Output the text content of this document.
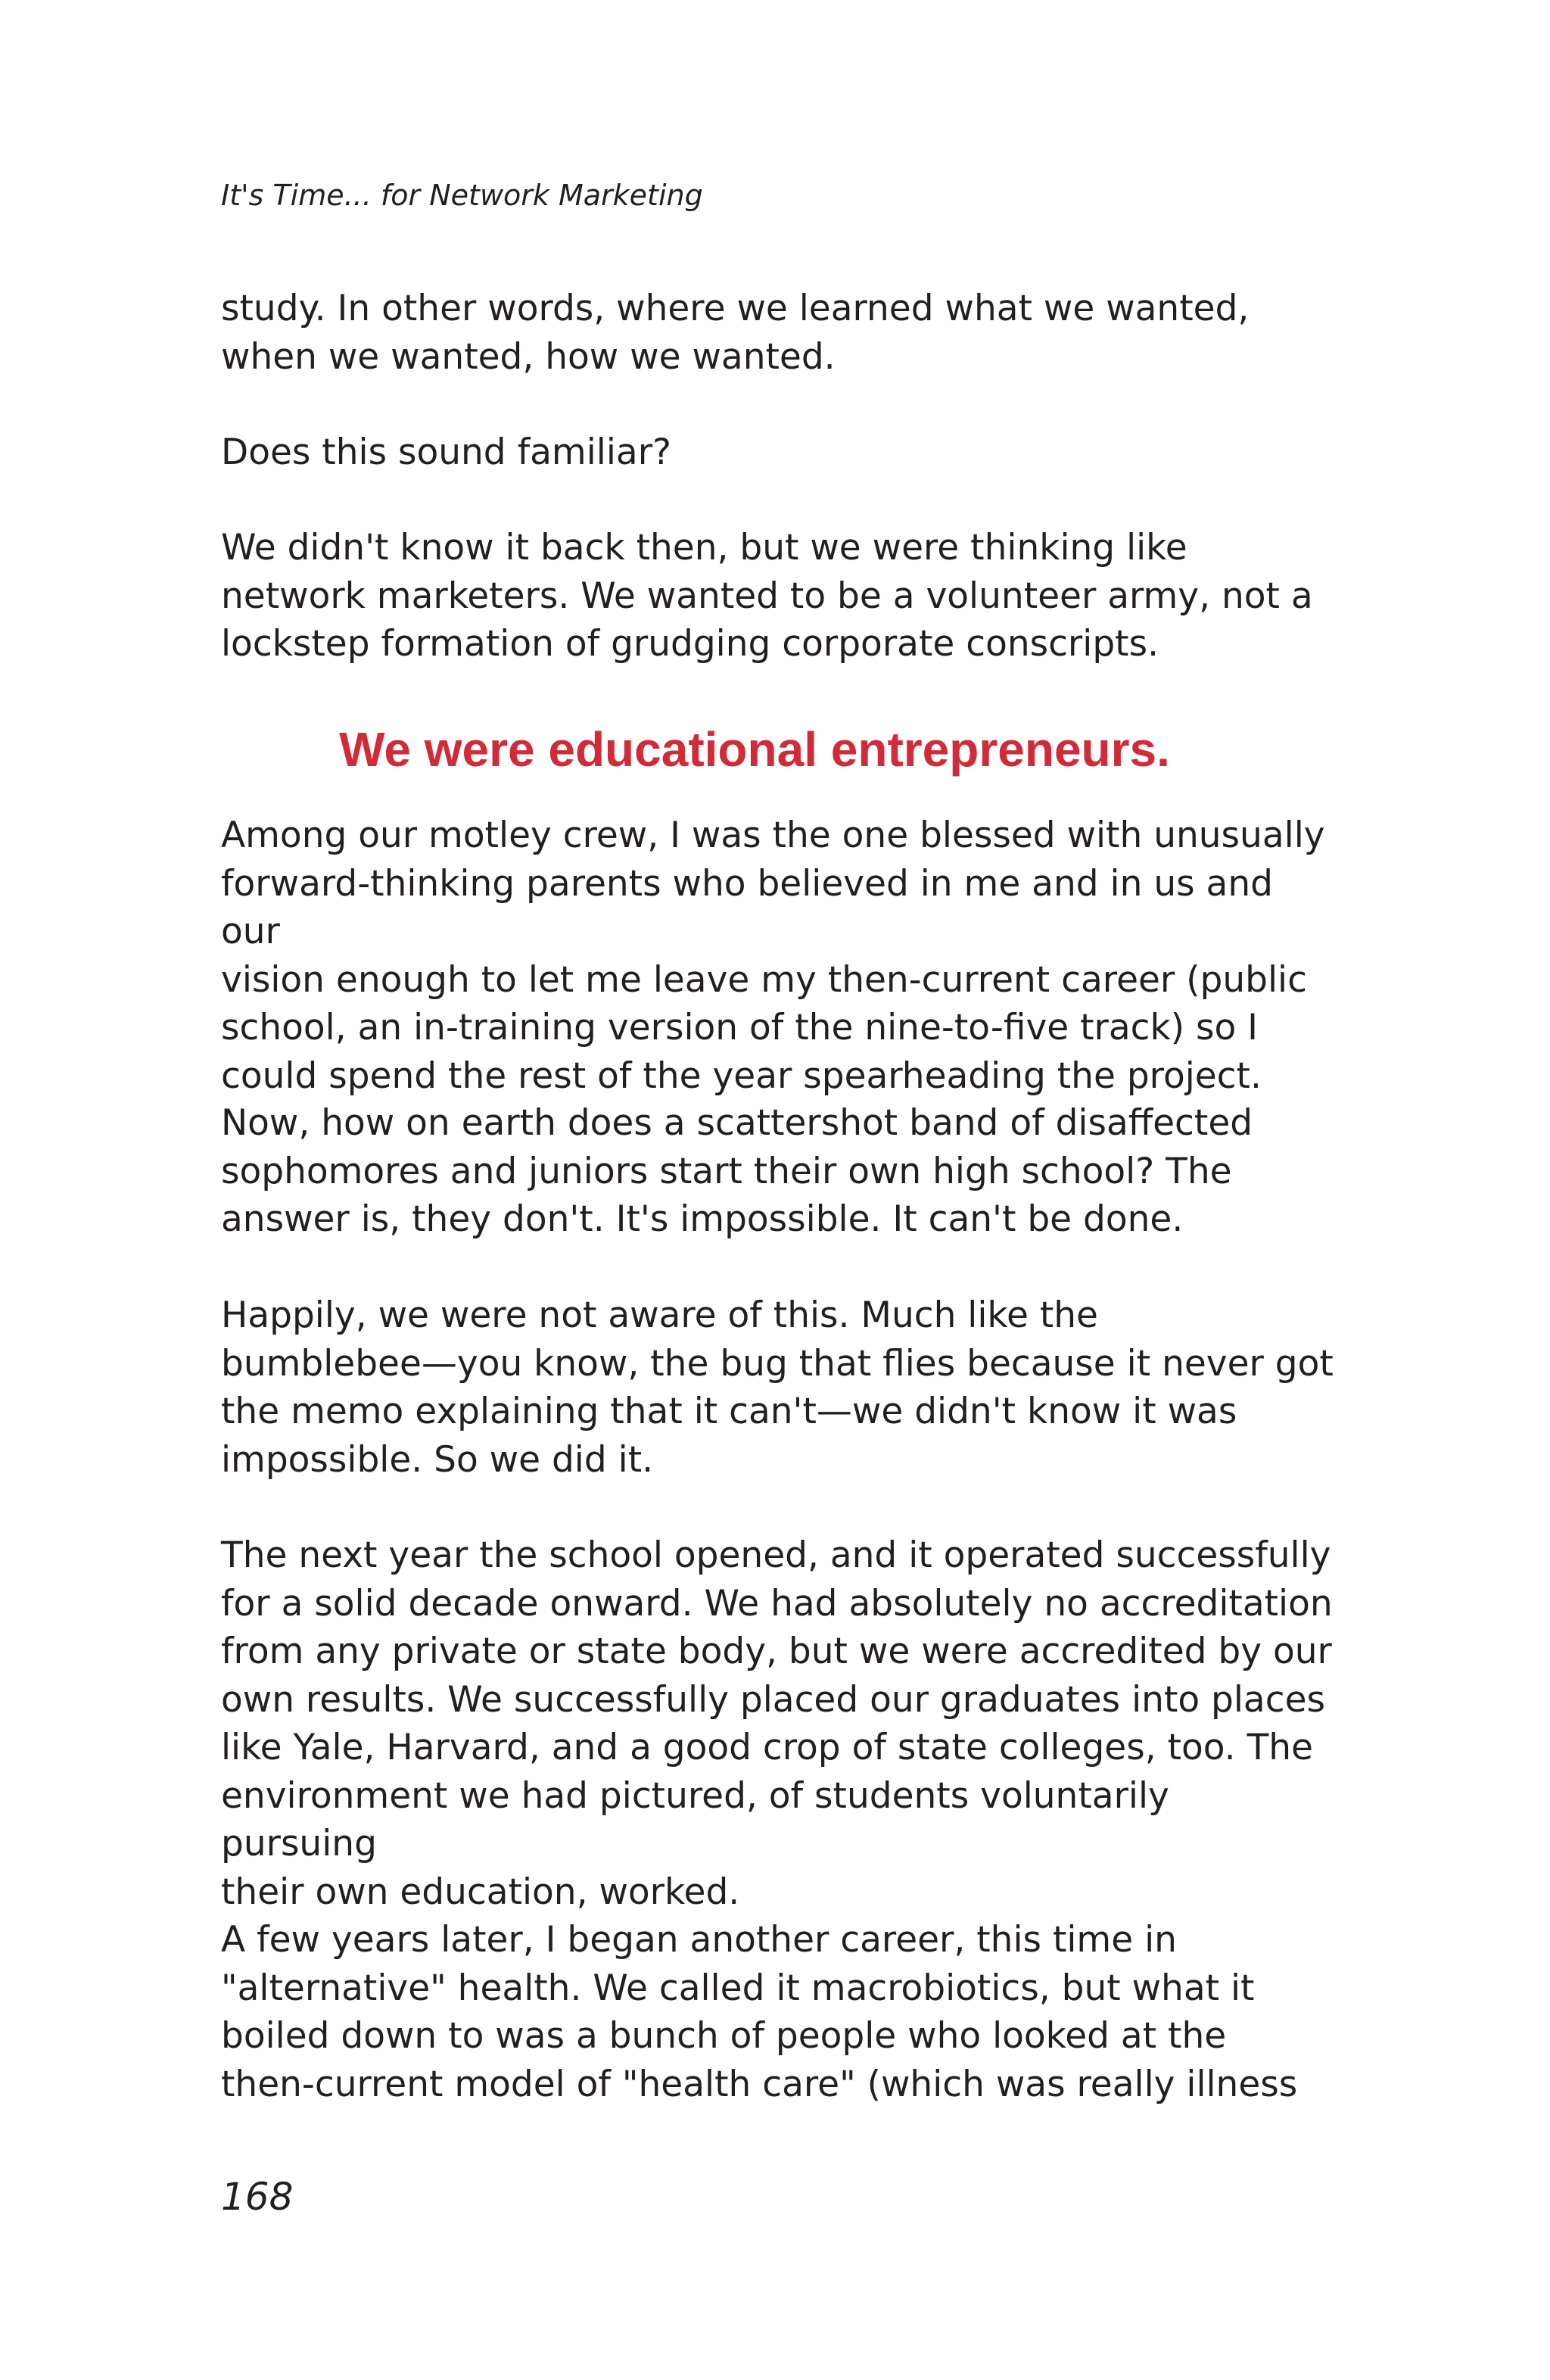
It's Time... for Network Marketing
study. In other words, where we learned what we wanted,
when we wanted, how we wanted.
Does this sound familiar?
We didn't know it back then, but we were thinking like
network marketers. We wanted to be a volunteer army, not a
lockstep formation of grudging corporate conscripts.
We were educational entrepreneurs.
Among our motley crew, I was the one blessed with unusually
forward-thinking parents who believed in me and in us and our
vision enough to let me leave my then-current career (public
school, an in-training version of the nine-to-five track) so I
could spend the rest of the year spearheading the project.
Now, how on earth does a scattershot band of disaffected
sophomores and juniors start their own high school? The
answer is, they don't. It's impossible. It can't be done.
Happily, we were not aware of this. Much like the
bumblebee—you know, the bug that flies because it never got
the memo explaining that it can't—we didn't know it was
impossible. So we did it.
The next year the school opened, and it operated successfully
for a solid decade onward. We had absolutely no accreditation
from any private or state body, but we were accredited by our
own results. We successfully placed our graduates into places
like Yale, Harvard, and a good crop of state colleges, too. The
environment we had pictured, of students voluntarily pursuing
their own education, worked.
A few years later, I began another career, this time in
"alternative" health. We called it macrobiotics, but what it
boiled down to was a bunch of people who looked at the
then-current model of "health care" (which was really illness
168
